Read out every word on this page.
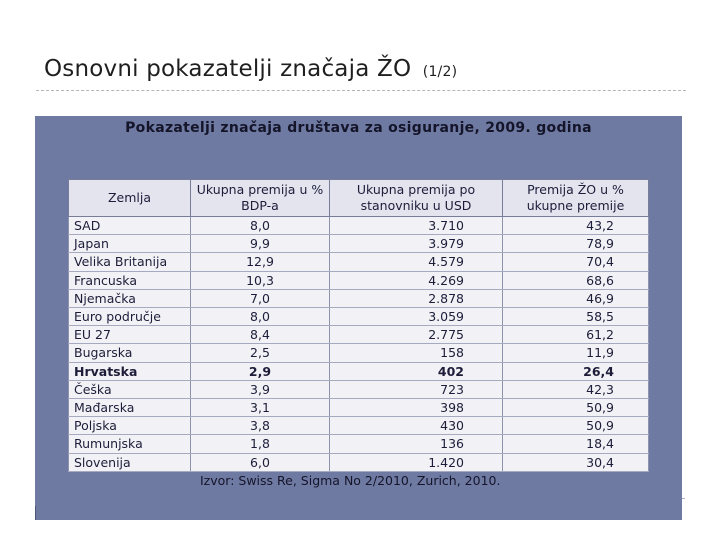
Osnovni pokazatelji značaja ŽO (1/2)
Pokazatelji značaja društava za osiguranje, 2009. godina
Zemlja	Ukupna premija u % BDP-a	Ukupna premija po stanovniku u USD	Premija ŽO u % ukupne premije
SAD	8,0	3.710	43,2
Japan	9,9	3.979	78,9
Velika Britanija	12,9	4.579	70,4
Francuska	10,3	4.269	68,6
Njemačka	7,0	2.878	46,9
Euro područje	8,0	3.059	58,5
EU 27	8,4	2.775	61,2
Bugarska	2,5	158	11,9
Hrvatska	2,9	402	26,4
Češka	3,9	723	42,3
Mađarska	3,1	398	50,9
Poljska	3,8	430	50,9
Rumunjska	1,8	136	18,4
Slovenija	6,0	1.420	30,4
Izvor: Swiss Re, Sigma No 2/2010, Zurich, 2010.
